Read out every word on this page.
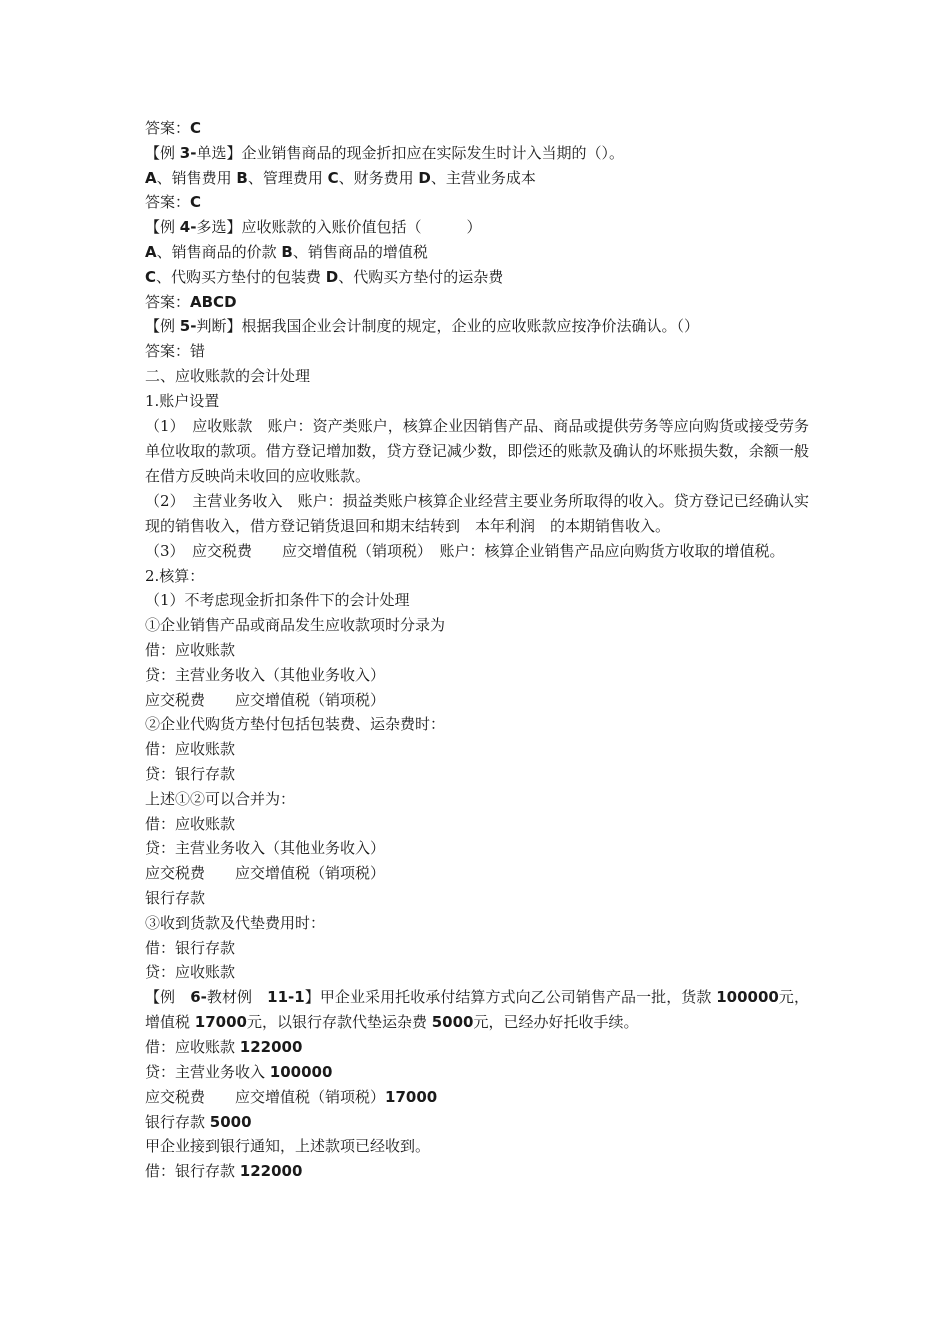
答案：C
【例 3-单选】企业销售商品的现金折扣应在实际发生时计入当期的（）。
A、销售费用 B、管理费用 C、财务费用 D、主营业务成本
答案：C
【例 4-多选】应收账款的入账价值包括（　　　）
A、销售商品的价款 B、销售商品的增值税
C、代购买方垫付的包装费 D、代购买方垫付的运杂费
答案：ABCD
【例 5-判断】根据我国企业会计制度的规定，企业的应收账款应按净价法确认。（）
答案：错
二、应收账款的会计处理
1.账户设置
（1）　应收账款　账户：资产类账户，核算企业因销售产品、商品或提供劳务等应向购货或接受劳务单位收取的款项。借方登记增加数，贷方登记减少数，即偿还的账款及确认的坏账损失数，余额一般在借方反映尚未收回的应收账款。
（2）　主营业务收入　账户：损益类账户核算企业经营主要业务所取得的收入。贷方登记已经确认实现的销售收入，借方登记销货退回和期末结转到　本年利润　的本期销售收入。
（3）　应交税费　　应交增值税（销项税）　账户：核算企业销售产品应向购货方收取的增值税。
2.核算：
（1）不考虑现金折扣条件下的会计处理
①企业销售产品或商品发生应收款项时分录为
借：应收账款
贷：主营业务收入（其他业务收入）
应交税费　　应交增值税（销项税）
②企业代购货方垫付包括包装费、运杂费时：
借：应收账款
贷：银行存款
上述①②可以合并为：
借：应收账款
贷：主营业务收入（其他业务收入）
应交税费　　应交增值税（销项税）
银行存款
③收到货款及代垫费用时：
借：银行存款
贷：应收账款
【例　6-教材例　11-1】甲企业采用托收承付结算方式向乙公司销售产品一批，货款 100000元，增值税 17000元，以银行存款代垫运杂费 5000元，已经办好托收手续。
借：应收账款 122000
贷：主营业务收入 100000
应交税费　　应交增值税（销项税）17000
银行存款 5000
甲企业接到银行通知，上述款项已经收到。
借：银行存款 122000
